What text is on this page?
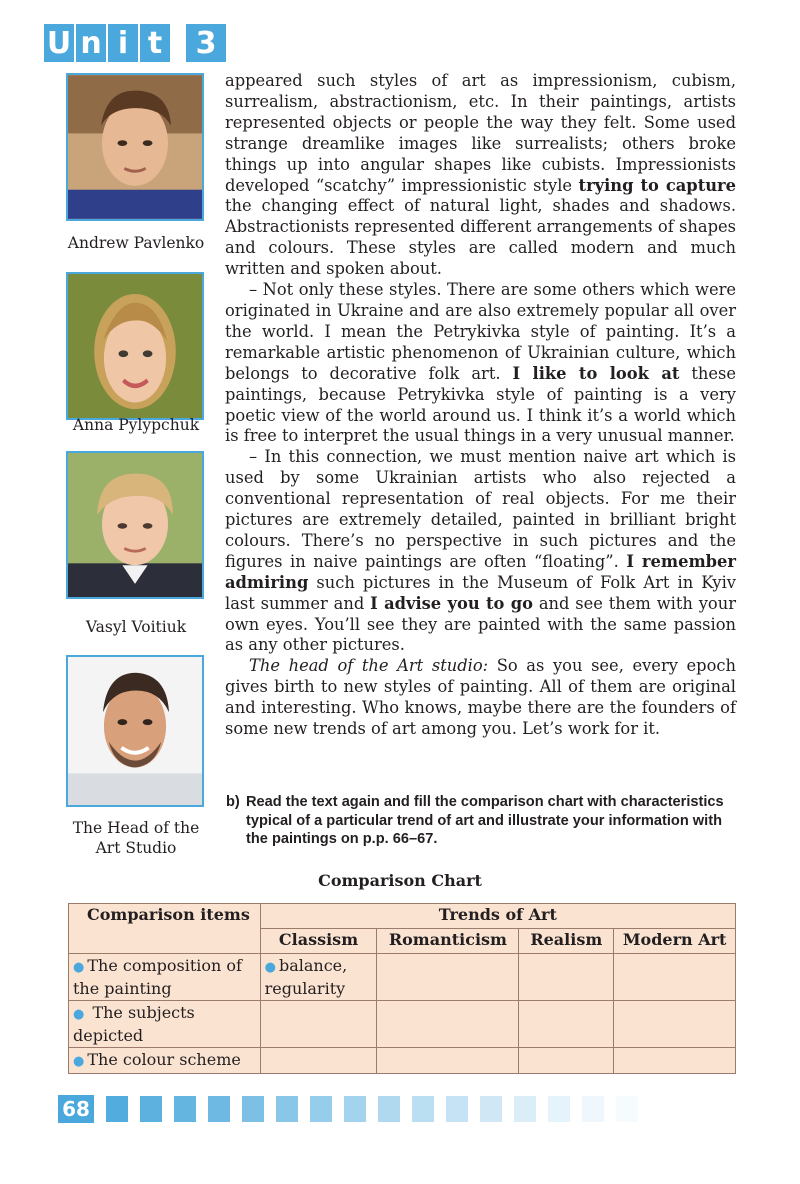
U n i t	3
Andrew Pavlenko
Anna Pylypchuk
Vasyl Voitiuk
The Head of the Art Studio

appeared such styles of art as impressionism, cubism, surrealism, abstractionism, etc. In their paintings, artists represented objects or people the way they felt. Some used strange dreamlike images like surrealists; others broke things up into angular shapes like cubists. Impressionists developed “scatchy” impressionistic style trying to capture the changing effect of natural light, shades and shadows. Abstractionists represented different arrangements of shapes and colours. These styles are called modern and much written and spoken about.

– Not only these styles. There are some others which were originated in Ukraine and are also extremely popular all over the world. I mean the Petrykivka style of painting. It’s a remarkable artistic phenomenon of Ukrainian culture, which belongs to decorative folk art. I like to look at these paintings, because Petrykivka style of painting is a very poetic view of the world around us. I think it’s a world which is free to interpret the usual things in a very unusual manner.

– In this connection, we must mention naive art which is used by some Ukrainian artists who also rejected a conventional representation of real objects. For me their pictures are extremely detailed, painted in brilliant bright colours. There’s no perspective in such pictures and the figures in naive paintings are often “floating”. I remember admiring such pictures in the Museum of Folk Art in Kyiv last summer and I advise you to go and see them with your own eyes. You’ll see they are painted with the same passion as any other pictures.

The head of the Art studio: So as you see, every epoch gives birth to new styles of painting. All of them are original and interesting. Who knows, maybe there are the founders of some new trends of art among you. Let’s work for it.

b) Read the text again and fill the comparison chart with characteristics typical of a particular trend of art and illustrate your information with the paintings on p.p. 66–67.
Comparison Chart
Comparison items	Trends of Art			
	Classism	Romanticism	Realism	Modern Art
● The composition of the painting	● balance, regularity			
● The subjects depicted				
● The colour scheme				
68
